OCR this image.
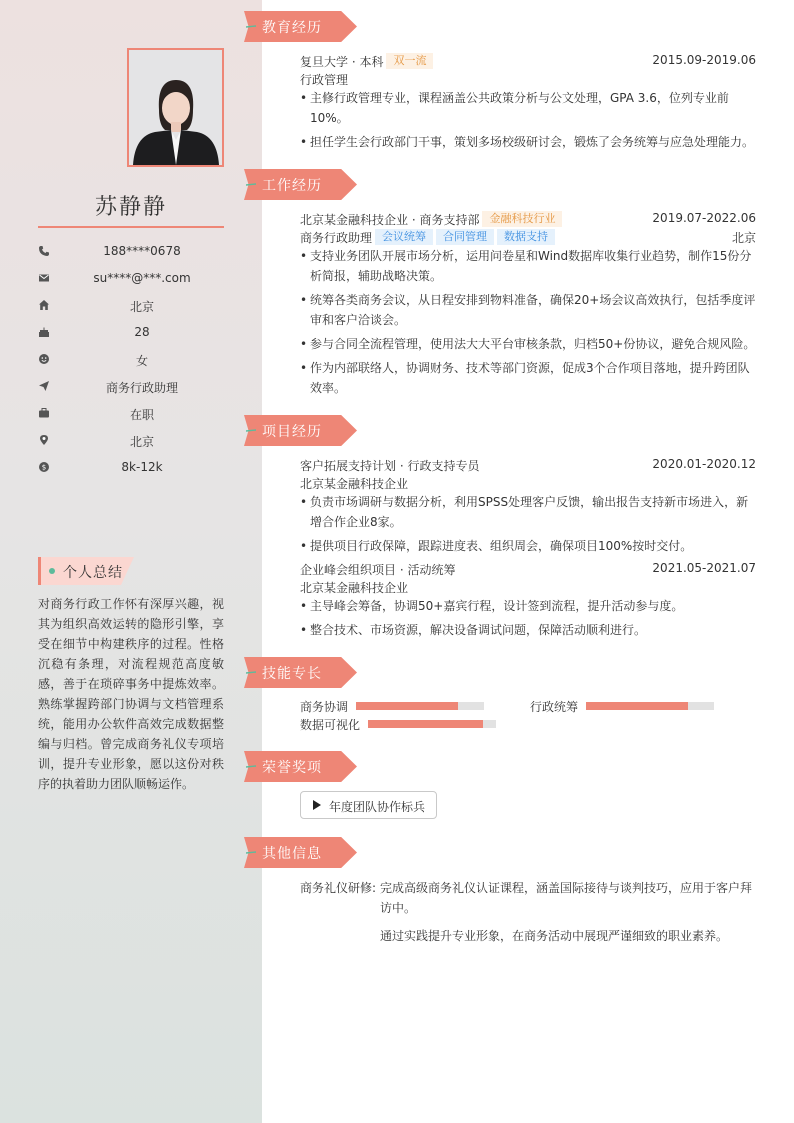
苏静静
188****0678
su****@***.com
北京
28
女
商务行政助理
在职
北京
$	8k-12k
个人总结
对商务行政工作怀有深厚兴趣，视其为组织高效运转的隐形引擎，享受在细节中构建秩序的过程。性格沉稳有条理，对流程规范高度敏感，善于在琐碎事务中提炼效率。熟练掌握跨部门协调与文档管理系统，能用办公软件高效完成数据整编与归档。曾完成商务礼仪专项培训，提升专业形象，愿以这份对秩序的执着助力团队顺畅运作。
教育经历
复旦大学 · 本科 双一流	2015.09-2019.06
行政管理
• 主修行政管理专业，课程涵盖公共政策分析与公文处理，GPA 3.6，位列专业前10%。
• 担任学生会行政部门干事，策划多场校级研讨会，锻炼了会务统筹与应急处理能力。
工作经历
北京某金融科技企业 · 商务支持部 金融科技行业	2019.07-2022.06
商务行政助理 会议统筹 合同管理 数据支持	北京
• 支持业务团队开展市场分析，运用问卷星和Wind数据库收集行业趋势，制作15份分析简报，辅助战略决策。
• 统筹各类商务会议，从日程安排到物料准备，确保20+场会议高效执行，包括季度评审和客户洽谈会。
• 参与合同全流程管理，使用法大大平台审核条款，归档50+份协议，避免合规风险。
• 作为内部联络人，协调财务、技术等部门资源，促成3个合作项目落地，提升跨团队效率。
项目经历
客户拓展支持计划 · 行政支持专员	2020.01-2020.12
北京某金融科技企业
• 负责市场调研与数据分析，利用SPSS处理客户反馈，输出报告支持新市场进入，新增合作企业8家。
• 提供项目行政保障，跟踪进度表、组织周会，确保项目100%按时交付。
企业峰会组织项目 · 活动统筹	2021.05-2021.07
北京某金融科技企业
• 主导峰会筹备，协调50+嘉宾行程，设计签到流程，提升活动参与度。
• 整合技术、市场资源，解决设备调试问题，保障活动顺利进行。
技能专长
商务协调	行政统筹
数据可视化
荣誉奖项
年度团队协作标兵
其他信息
商务礼仪研修: 完成高级商务礼仪认证课程，涵盖国际接待与谈判技巧，应用于客户拜访中。
通过实践提升专业形象，在商务活动中展现严谨细致的职业素养。
